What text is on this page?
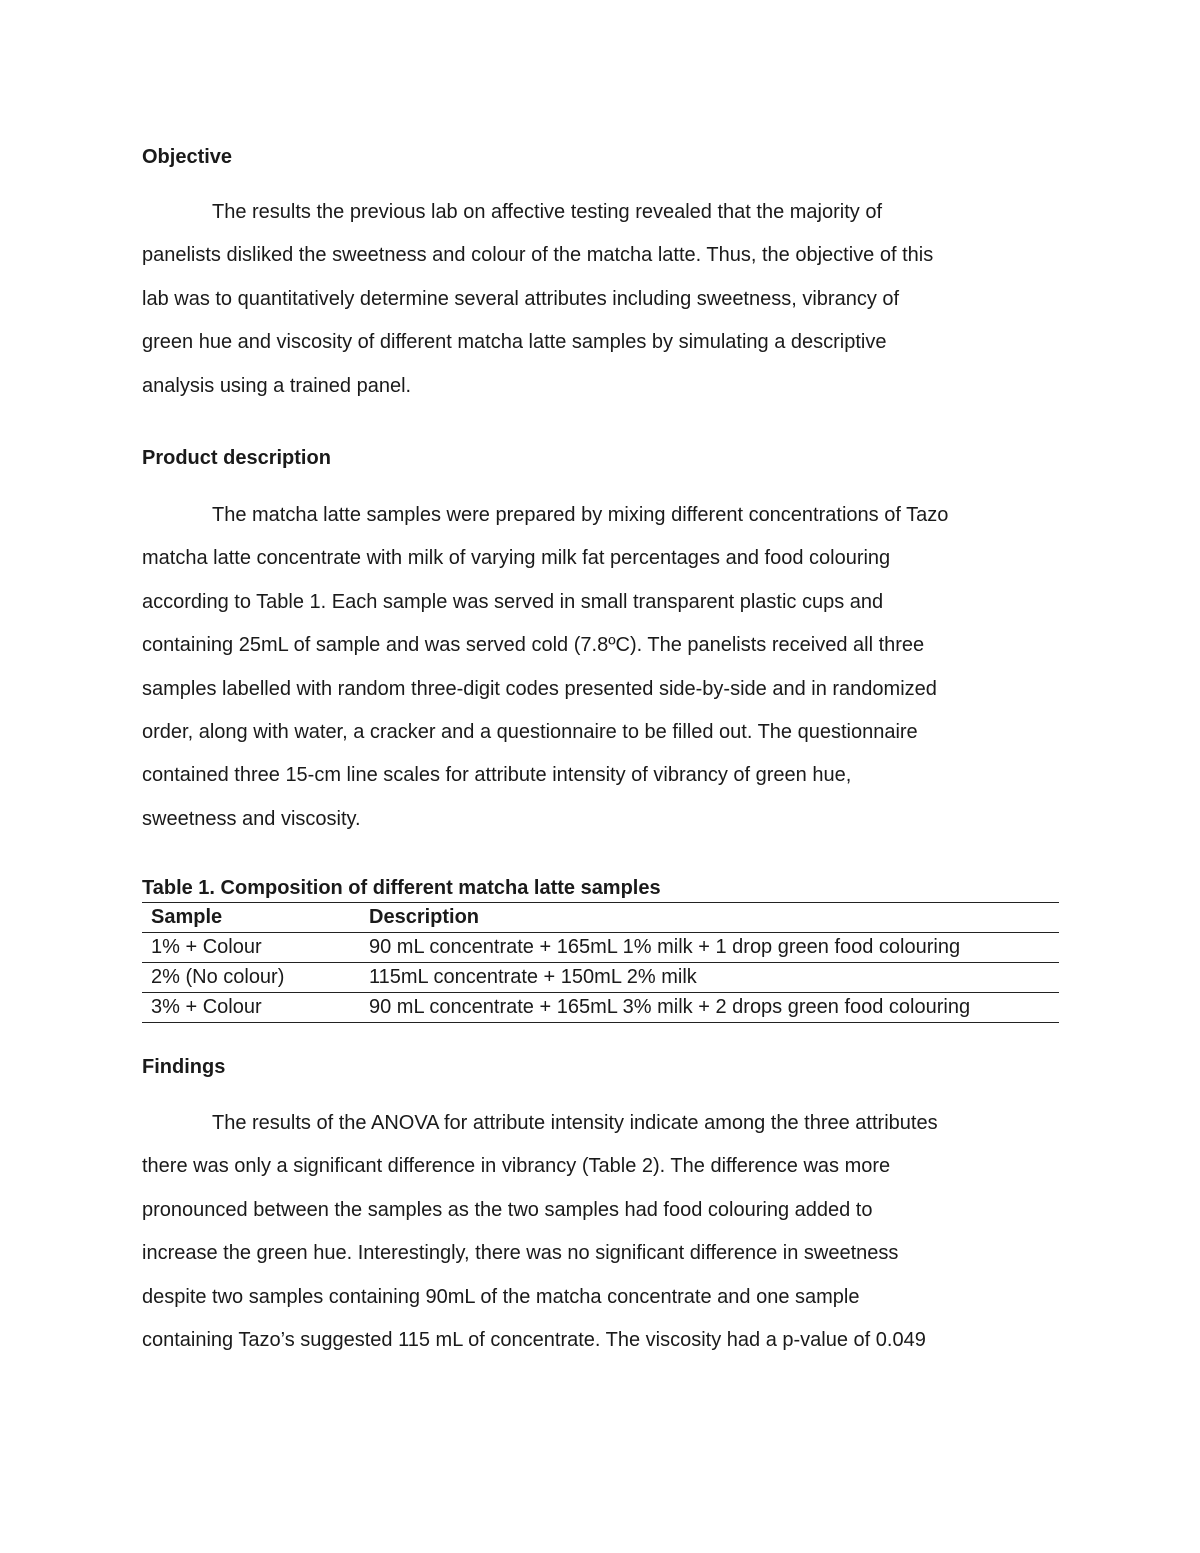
Objective
The results the previous lab on affective testing revealed that the majority of
panelists disliked the sweetness and colour of the matcha latte. Thus, the objective of this
lab was to quantitatively determine several attributes including sweetness, vibrancy of
green hue and viscosity of different matcha latte samples by simulating a descriptive
analysis using a trained panel.
Product description
The matcha latte samples were prepared by mixing different concentrations of Tazo
matcha latte concentrate with milk of varying milk fat percentages and food colouring
according to Table 1. Each sample was served in small transparent plastic cups and
containing 25mL of sample and was served cold (7.8ºC). The panelists received all three
samples labelled with random three-digit codes presented side-by-side and in randomized
order, along with water, a cracker and a questionnaire to be filled out. The questionnaire
contained three 15-cm line scales for attribute intensity of vibrancy of green hue,
sweetness and viscosity.

Table 1. Composition of different matcha latte samples

Sample	Description
1% + Colour	90 mL concentrate + 165mL 1% milk + 1 drop green food colouring
2% (No colour)	115mL concentrate + 150mL 2% milk
3% + Colour	90 mL concentrate + 165mL 3% milk + 2 drops green food colouring
Findings
The results of the ANOVA for attribute intensity indicate among the three attributes
there was only a significant difference in vibrancy (Table 2). The difference was more
pronounced between the samples as the two samples had food colouring added to
increase the green hue. Interestingly, there was no significant difference in sweetness
despite two samples containing 90mL of the matcha concentrate and one sample
containing Tazo’s suggested 115 mL of concentrate. The viscosity had a p-value of 0.049
